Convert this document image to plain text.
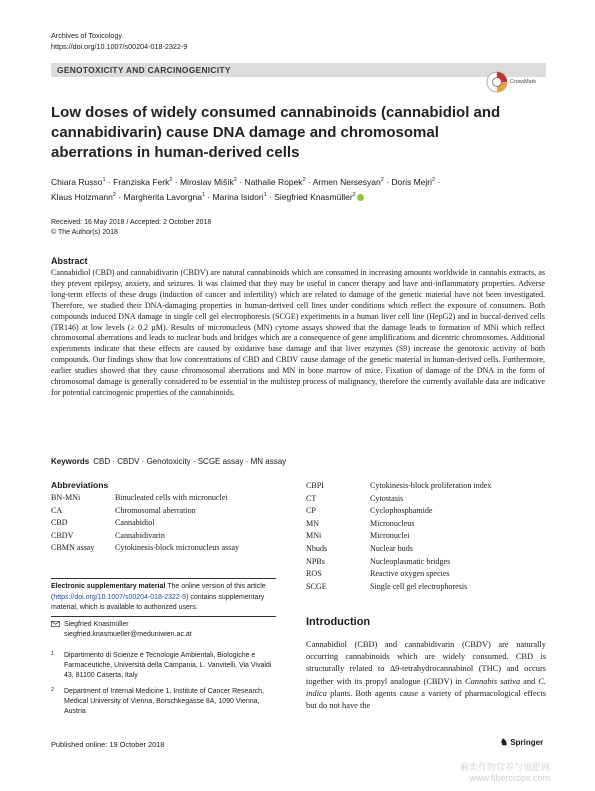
Archives of Toxicology
https://doi.org/10.1007/s00204-018-2322-9
GENOTOXICITY AND CARCINOGENICITY
CrossMark
Low doses of widely consumed cannabinoids (cannabidiol and cannabidivarin) cause DNA damage and chromosomal aberrations in human-derived cells
Chiara Russo$^1$ · Franziska Ferk$^2$ · Miroslav Mišík$^2$ · Nathalie Ropek$^2$ · Armen Nersesyan$^2$ · Doris Mejri$^2$ ·
Klaus Holzmann$^2$ · Margherita Lavorgna$^1$ · Marina Isidori$^1$ · Siegfried Knasmüller$^2$
Received: 16 May 2018 / Accepted: 2 October 2018
© The Author(s) 2018
Abstract
Cannabidiol (CBD) and cannabidivarin (CBDV) are natural cannabinoids which are consumed in increasing amounts worldwide in cannabis extracts, as they prevent epilepsy, anxiety, and seizures. It was claimed that they may be useful in cancer therapy and have anti-inflammatory properties. Adverse long-term effects of these drugs (induction of cancer and infertility) which are related to damage of the genetic material have not been investigated. Therefore, we studied their DNA-damaging properties in human-derived cell lines under conditions which reflect the exposure of consumers. Both compounds induced DNA damage in single cell gel electrophoresis (SCGE) experiments in a human liver cell line (HepG2) and in buccal-derived cells (TR146) at low levels (≥ 0.2 µM). Results of micronucleus (MN) cytome assays showed that the damage leads to formation of MNi which reflect chromosomal aberrations and leads to nuclear buds and bridges which are a consequence of gene amplifications and dicentric chromosomes. Additional experiments indicate that these effects are caused by oxidative base damage and that liver enzymes (S9) increase the genotoxic activity of both compounds. Our findings show that low concentrations of CBD and CBDV cause damage of the genetic material in human-derived cells. Furthermore, earlier studies showed that they cause chromosomal aberrations and MN in bone marrow of mice. Fixation of damage of the DNA in the form of chromosomal damage is generally considered to be essential in the multistep process of malignancy, therefore the currently available data are indicative for potential carcinogenic properties of the cannabinoids.
Keywords CBD · CBDV · Genotoxicity · SCGE assay · MN assay
Abbreviations
BN-MNi	Binucleated cells with micronuclei
CA	Chromosomal aberration
CBD	Cannabidiol
CBDV	Cannabidivarin
CBMN assay	Cytokinesis-block micronucleus assay
CBPI	Cytokinesis-block proliferation index
CT	Cytostasis
CP	Cyclophosphamide
MN	Micronucleus
MNi	Micronuclei
Nbuds	Nuclear buds
NPBs	Nucleoplasmatic bridges
ROS	Reactive oxygen species
SCGE	Single cell gel electrophoresis
Electronic supplementary material The online version of this article (https://doi.org/10.1007/s00204-018-2322-9) contains supplementary material, which is available to authorized users.
Siegfried Knasmüller
siegfried.knasmueller@meduniwien.ac.at
1 Dipartimento di Scienze e Tecnologie Ambientali, Biologiche e Farmaceutiche, Università della Campania, L. Vanvitelli, Via Vivaldi 43, 81100 Caserta, Italy
2 Department of Internal Medicine 1, Institute of Cancer Research, Medical University of Vienna, Borschkegasse 8A, 1090 Vienna, Austria
Introduction
Cannabidiol (CBD) and cannabidivarin (CBDV) are naturally occurring cannabinoids which are widely consumed. CBD is structurally related to ∆9-tetrahydrocannabinol (THC) and occurs together with its propyl analogue (CBDV) in Cannabis sativa and C. indica plants. Both agents cause a variety of pharmacological effects but do not have the
Published online: 19 October 2018	♞ Springer
麻类作物营养与施肥网
www.fibercrops.com
